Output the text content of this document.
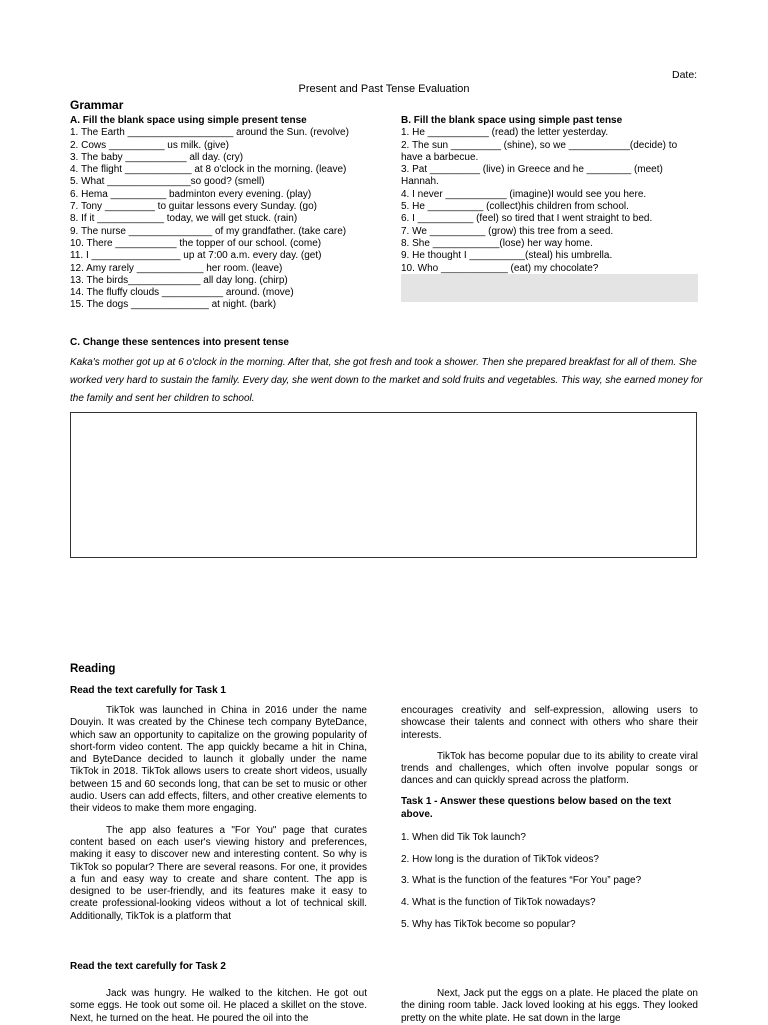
Date:
Present and Past Tense Evaluation
Grammar
A. Fill the blank space using simple present tense
1. The Earth ___________________ around the Sun. (revolve)
2. Cows __________ us milk. (give)
3. The baby ___________ all day. (cry)
4. The flight ____________ at 8 o'clock in the morning. (leave)
5. What _______________so good? (smell)
6. Hema __________ badminton every evening. (play)
7. Tony _________ to guitar lessons every Sunday. (go)
8. If it ____________ today, we will get stuck. (rain)
9. The nurse _______________ of my grandfather. (take care)
10. There ___________ the topper of our school. (come)
11. I ________________ up at 7:00 a.m. every day. (get)
12. Amy rarely ____________ her room. (leave)
13. The birds_____________ all day long. (chirp)
14. The fluffy clouds ___________ around. (move)
15. The dogs ______________ at night. (bark)
B. Fill the blank space using simple past tense
1. He ___________ (read) the letter yesterday.
2. The sun _________ (shine), so we ___________(decide) to have a barbecue.
3. Pat _________ (live) in Greece and he ________ (meet) Hannah.
4. I never ___________ (imagine)I would see you here.
5. He __________ (collect)his children from school.
6. I __________ (feel) so tired that I went straight to bed.
7. We __________ (grow) this tree from a seed.
8. She ____________(lose) her way home.
9. He thought I __________(steal) his umbrella.
10. Who ____________ (eat) my chocolate?
C. Change these sentences into present tense
Kaka's mother got up at 6 o'clock in the morning. After that, she got fresh and took a shower. Then she prepared breakfast for all of them. She worked very hard to sustain the family. Every day, she went down to the market and sold fruits and vegetables. This way, she earned money for the family and sent her children to school.
Reading
Read the text carefully for Task 1

TikTok was launched in China in 2016 under the name Douyin. It was created by the Chinese tech company ByteDance, which saw an opportunity to capitalize on the growing popularity of short-form video content. The app quickly became a hit in China, and ByteDance decided to launch it globally under the name TikTok in 2018. TikTok allows users to create short videos, usually between 15 and 60 seconds long, that can be set to music or other audio. Users can add effects, filters, and other creative elements to their videos to make them more engaging.

The app also features a "For You" page that curates content based on each user's viewing history and preferences, making it easy to discover new and interesting content. So why is TikTok so popular? There are several reasons. For one, it provides a fun and easy way to create and share content. The app is designed to be user-friendly, and its features make it easy to create professional-looking videos without a lot of technical skill. Additionally, TikTok is a platform that

encourages creativity and self-expression, allowing users to showcase their talents and connect with others who share their interests.

TikTok has become popular due to its ability to create viral trends and challenges, which often involve popular songs or dances and can quickly spread across the platform.

Task 1 - Answer these questions below based on the text above.
1. When did Tik Tok launch?
2. How long is the duration of TikTok videos?
3. What is the function of the features “For You” page?
4. What is the function of TikTok nowadays?
5. Why has TikTok become so popular?
Read the text carefully for Task 2

Jack was hungry. He walked to the kitchen. He got out some eggs. He took out some oil. He placed a skillet on the stove. Next, he turned on the heat. He poured the oil into the

Next, Jack put the eggs on a plate. He placed the plate on the dining room table. Jack loved looking at his eggs. They looked pretty on the white plate. He sat down in the large
